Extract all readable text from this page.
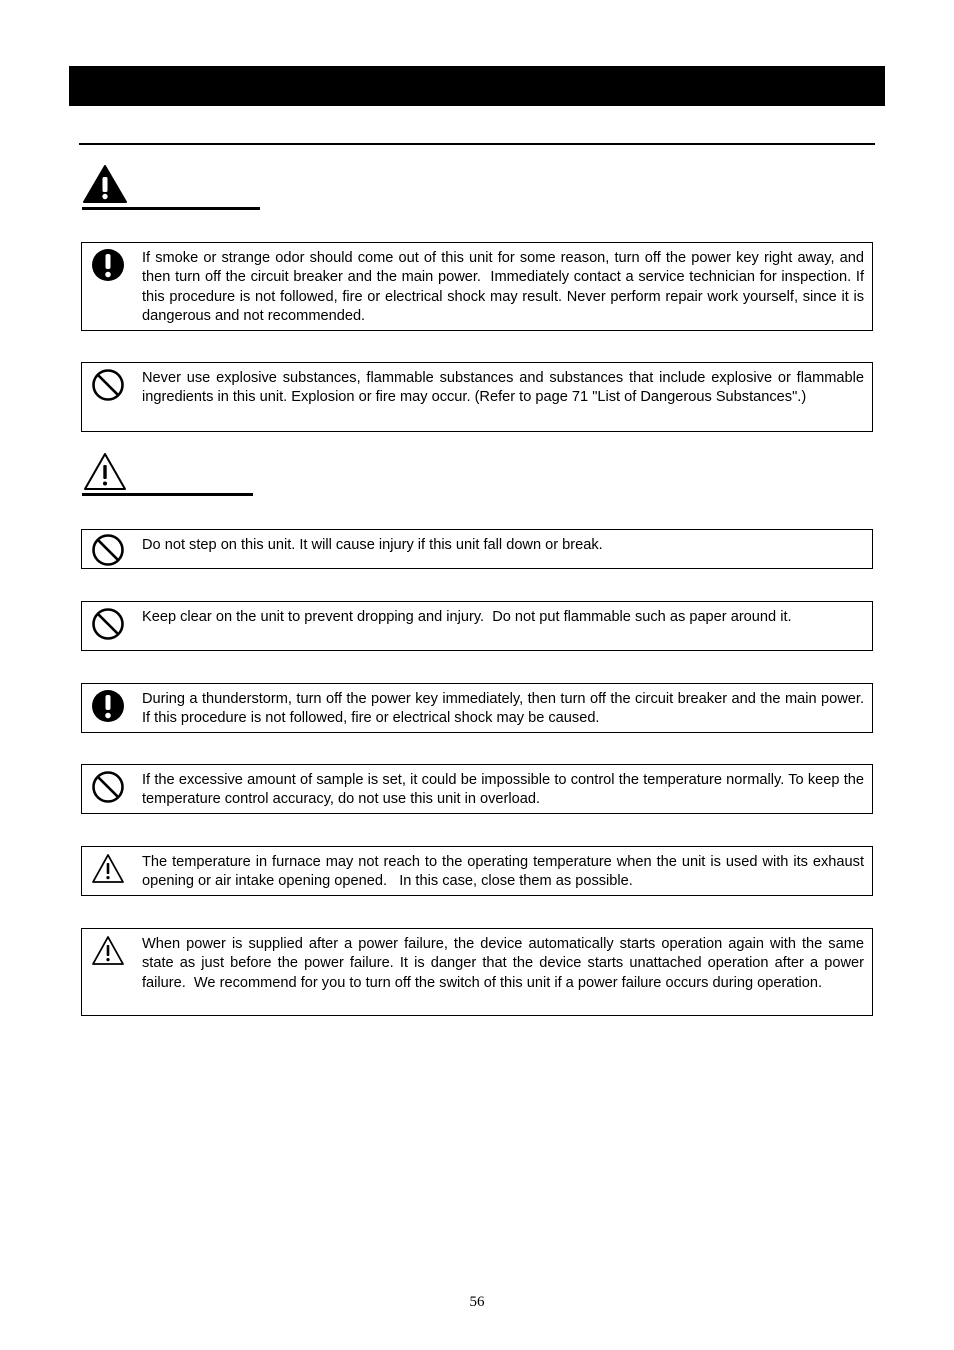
If smoke or strange odor should come out of this unit for some reason, turn off the power key right away, and then turn off the circuit breaker and the main power.  Immediately contact a service technician for inspection. If this procedure is not followed, fire or electrical shock may result. Never perform repair work yourself, since it is dangerous and not recommended.
Never use explosive substances, flammable substances and substances that include explosive or flammable ingredients in this unit. Explosion or fire may occur. (Refer to page 71 "List of Dangerous Substances".)
Do not step on this unit. It will cause injury if this unit fall down or break.
Keep clear on the unit to prevent dropping and injury.  Do not put flammable such as paper around it.
During a thunderstorm, turn off the power key immediately, then turn off the circuit breaker and the main power.   If this procedure is not followed, fire or electrical shock may be caused.
If the excessive amount of sample is set, it could be impossible to control the temperature normally. To keep the temperature control accuracy, do not use this unit in overload.
The temperature in furnace may not reach to the operating temperature when the unit is used with its exhaust opening or air intake opening opened.   In this case, close them as possible.
When power is supplied after a power failure, the device automatically starts operation again with the same state as just before the power failure. It is danger that the device starts unattached operation after a power failure.  We recommend for you to turn off the switch of this unit if a power failure occurs during operation.
56
